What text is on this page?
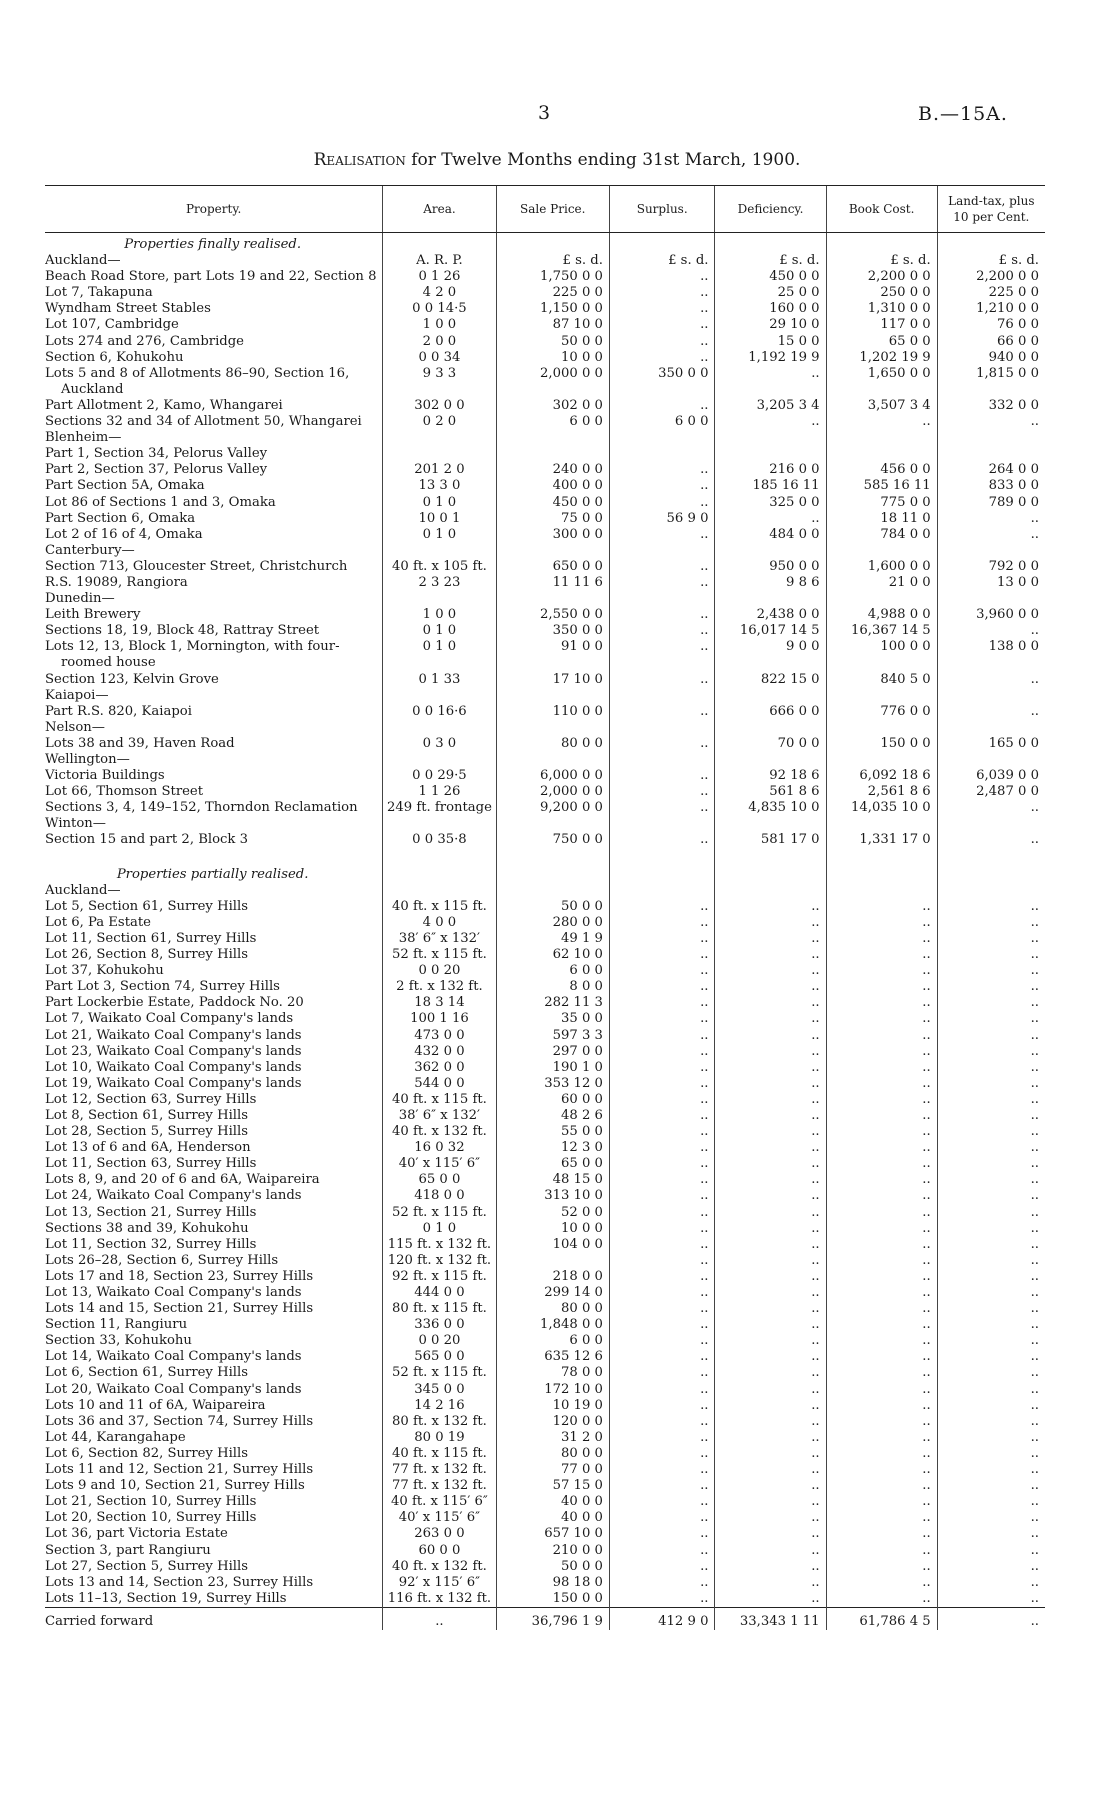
3	B.—15A.
Realisation for Twelve Months ending 31st March, 1900.
Property.	Area.	Sale Price.	Surplus.	Deficiency.	Book Cost.	Land-tax, plus 10 per Cent.
Properties finally realised.						
Auckland—	A. R. P.	£ s. d.	£ s. d.	£ s. d.	£ s. d.	£ s. d.
Beach Road Store, part Lots 19 and 22, Section 8	0 1 26	1,750 0 0	..	450 0 0	2,200 0 0	2,200 0 0
Lot 7, Takapuna	4 2 0	225 0 0	..	25 0 0	250 0 0	225 0 0
Wyndham Street Stables	0 0 14·5	1,150 0 0	..	160 0 0	1,310 0 0	1,210 0 0
Lot 107, Cambridge	1 0 0	87 10 0	..	29 10 0	117 0 0	76 0 0
Lots 274 and 276, Cambridge	2 0 0	50 0 0	..	15 0 0	65 0 0	66 0 0
Section 6, Kohukohu	0 0 34	10 0 0	..	1,192 19 9	1,202 19 9	940 0 0
Lots 5 and 8 of Allotments 86–90, Section 16, Auckland	9 3 3	2,000 0 0	350 0 0	..	1,650 0 0	1,815 0 0
Part Allotment 2, Kamo, Whangarei	302 0 0	302 0 0	..	3,205 3 4	3,507 3 4	332 0 0
Sections 32 and 34 of Allotment 50, Whangarei	0 2 0	6 0 0	6 0 0	..	..	..
Blenheim—						
Part 1, Section 34, Pelorus Valley						
Part 2, Section 37, Pelorus Valley	201 2 0	240 0 0	..	216 0 0	456 0 0	264 0 0
Part Section 5A, Omaka	13 3 0	400 0 0	..	185 16 11	585 16 11	833 0 0
Lot 86 of Sections 1 and 3, Omaka	0 1 0	450 0 0	..	325 0 0	775 0 0	789 0 0
Part Section 6, Omaka	10 0 1	75 0 0	56 9 0	..	18 11 0	..
Lot 2 of 16 of 4, Omaka	0 1 0	300 0 0	..	484 0 0	784 0 0	..
Canterbury—						
Section 713, Gloucester Street, Christchurch	40 ft. x 105 ft.	650 0 0	..	950 0 0	1,600 0 0	792 0 0
R.S. 19089, Rangiora	2 3 23	11 11 6	..	9 8 6	21 0 0	13 0 0
Dunedin—						
Leith Brewery	1 0 0	2,550 0 0	..	2,438 0 0	4,988 0 0	3,960 0 0
Sections 18, 19, Block 48, Rattray Street	0 1 0	350 0 0	..	16,017 14 5	16,367 14 5	..
Lots 12, 13, Block 1, Mornington, with four-roomed house	0 1 0	91 0 0	..	9 0 0	100 0 0	138 0 0
Section 123, Kelvin Grove	0 1 33	17 10 0	..	822 15 0	840 5 0	..
Kaiapoi—						
Part R.S. 820, Kaiapoi	0 0 16·6	110 0 0	..	666 0 0	776 0 0	..
Nelson—						
Lots 38 and 39, Haven Road	0 3 0	80 0 0	..	70 0 0	150 0 0	165 0 0
Wellington—						
Victoria Buildings	0 0 29·5	6,000 0 0	..	92 18 6	6,092 18 6	6,039 0 0
Lot 66, Thomson Street	1 1 26	2,000 0 0	..	561 8 6	2,561 8 6	2,487 0 0
Sections 3, 4, 149–152, Thorndon Reclamation	249 ft. frontage	9,200 0 0	..	4,835 10 0	14,035 10 0	..
Winton—						
Section 15 and part 2, Block 3	0 0 35·8	750 0 0	..	581 17 0	1,331 17 0	..

Properties partially realised.						
Auckland—						
Lot 5, Section 61, Surrey Hills	40 ft. x 115 ft.	50 0 0	..	..	..	..
Lot 6, Pa Estate	4 0 0	280 0 0	..	..	..	..
Lot 11, Section 61, Surrey Hills	38′ 6″ x 132′	49 1 9	..	..	..	..
Lot 26, Section 8, Surrey Hills	52 ft. x 115 ft.	62 10 0	..	..	..	..
Lot 37, Kohukohu	0 0 20	6 0 0	..	..	..	..
Part Lot 3, Section 74, Surrey Hills	2 ft. x 132 ft.	8 0 0	..	..	..	..
Part Lockerbie Estate, Paddock No. 20	18 3 14	282 11 3	..	..	..	..
Lot 7, Waikato Coal Company's lands	100 1 16	35 0 0	..	..	..	..
Lot 21, Waikato Coal Company's lands	473 0 0	597 3 3	..	..	..	..
Lot 23, Waikato Coal Company's lands	432 0 0	297 0 0	..	..	..	..
Lot 10, Waikato Coal Company's lands	362 0 0	190 1 0	..	..	..	..
Lot 19, Waikato Coal Company's lands	544 0 0	353 12 0	..	..	..	..
Lot 12, Section 63, Surrey Hills	40 ft. x 115 ft.	60 0 0	..	..	..	..
Lot 8, Section 61, Surrey Hills	38′ 6″ x 132′	48 2 6	..	..	..	..
Lot 28, Section 5, Surrey Hills	40 ft. x 132 ft.	55 0 0	..	..	..	..
Lot 13 of 6 and 6A, Henderson	16 0 32	12 3 0	..	..	..	..
Lot 11, Section 63, Surrey Hills	40′ x 115′ 6″	65 0 0	..	..	..	..
Lots 8, 9, and 20 of 6 and 6A, Waipareira	65 0 0	48 15 0	..	..	..	..
Lot 24, Waikato Coal Company's lands	418 0 0	313 10 0	..	..	..	..
Lot 13, Section 21, Surrey Hills	52 ft. x 115 ft.	52 0 0	..	..	..	..
Sections 38 and 39, Kohukohu	0 1 0	10 0 0	..	..	..	..
Lot 11, Section 32, Surrey Hills	115 ft. x 132 ft.	104 0 0	..	..	..	..
Lots 26–28, Section 6, Surrey Hills	120 ft. x 132 ft.		..	..	..	..
Lots 17 and 18, Section 23, Surrey Hills	92 ft. x 115 ft.	218 0 0	..	..	..	..
Lot 13, Waikato Coal Company's lands	444 0 0	299 14 0	..	..	..	..
Lots 14 and 15, Section 21, Surrey Hills	80 ft. x 115 ft.	80 0 0	..	..	..	..
Section 11, Rangiuru	336 0 0	1,848 0 0	..	..	..	..
Section 33, Kohukohu	0 0 20	6 0 0	..	..	..	..
Lot 14, Waikato Coal Company's lands	565 0 0	635 12 6	..	..	..	..
Lot 6, Section 61, Surrey Hills	52 ft. x 115 ft.	78 0 0	..	..	..	..
Lot 20, Waikato Coal Company's lands	345 0 0	172 10 0	..	..	..	..
Lots 10 and 11 of 6A, Waipareira	14 2 16	10 19 0	..	..	..	..
Lots 36 and 37, Section 74, Surrey Hills	80 ft. x 132 ft.	120 0 0	..	..	..	..
Lot 44, Karangahape	80 0 19	31 2 0	..	..	..	..
Lot 6, Section 82, Surrey Hills	40 ft. x 115 ft.	80 0 0	..	..	..	..
Lots 11 and 12, Section 21, Surrey Hills	77 ft. x 132 ft.	77 0 0	..	..	..	..
Lots 9 and 10, Section 21, Surrey Hills	77 ft. x 132 ft.	57 15 0	..	..	..	..
Lot 21, Section 10, Surrey Hills	40 ft. x 115′ 6″	40 0 0	..	..	..	..
Lot 20, Section 10, Surrey Hills	40′ x 115′ 6″	40 0 0	..	..	..	..
Lot 36, part Victoria Estate	263 0 0	657 10 0	..	..	..	..
Section 3, part Rangiuru	60 0 0	210 0 0	..	..	..	..
Lot 27, Section 5, Surrey Hills	40 ft. x 132 ft.	50 0 0	..	..	..	..
Lots 13 and 14, Section 23, Surrey Hills	92′ x 115′ 6″	98 18 0	..	..	..	..
Lots 11–13, Section 19, Surrey Hills	116 ft. x 132 ft.	150 0 0	..	..	..	..
Carried forward	..	36,796 1 9	412 9 0	33,343 1 11	61,786 4 5	..
